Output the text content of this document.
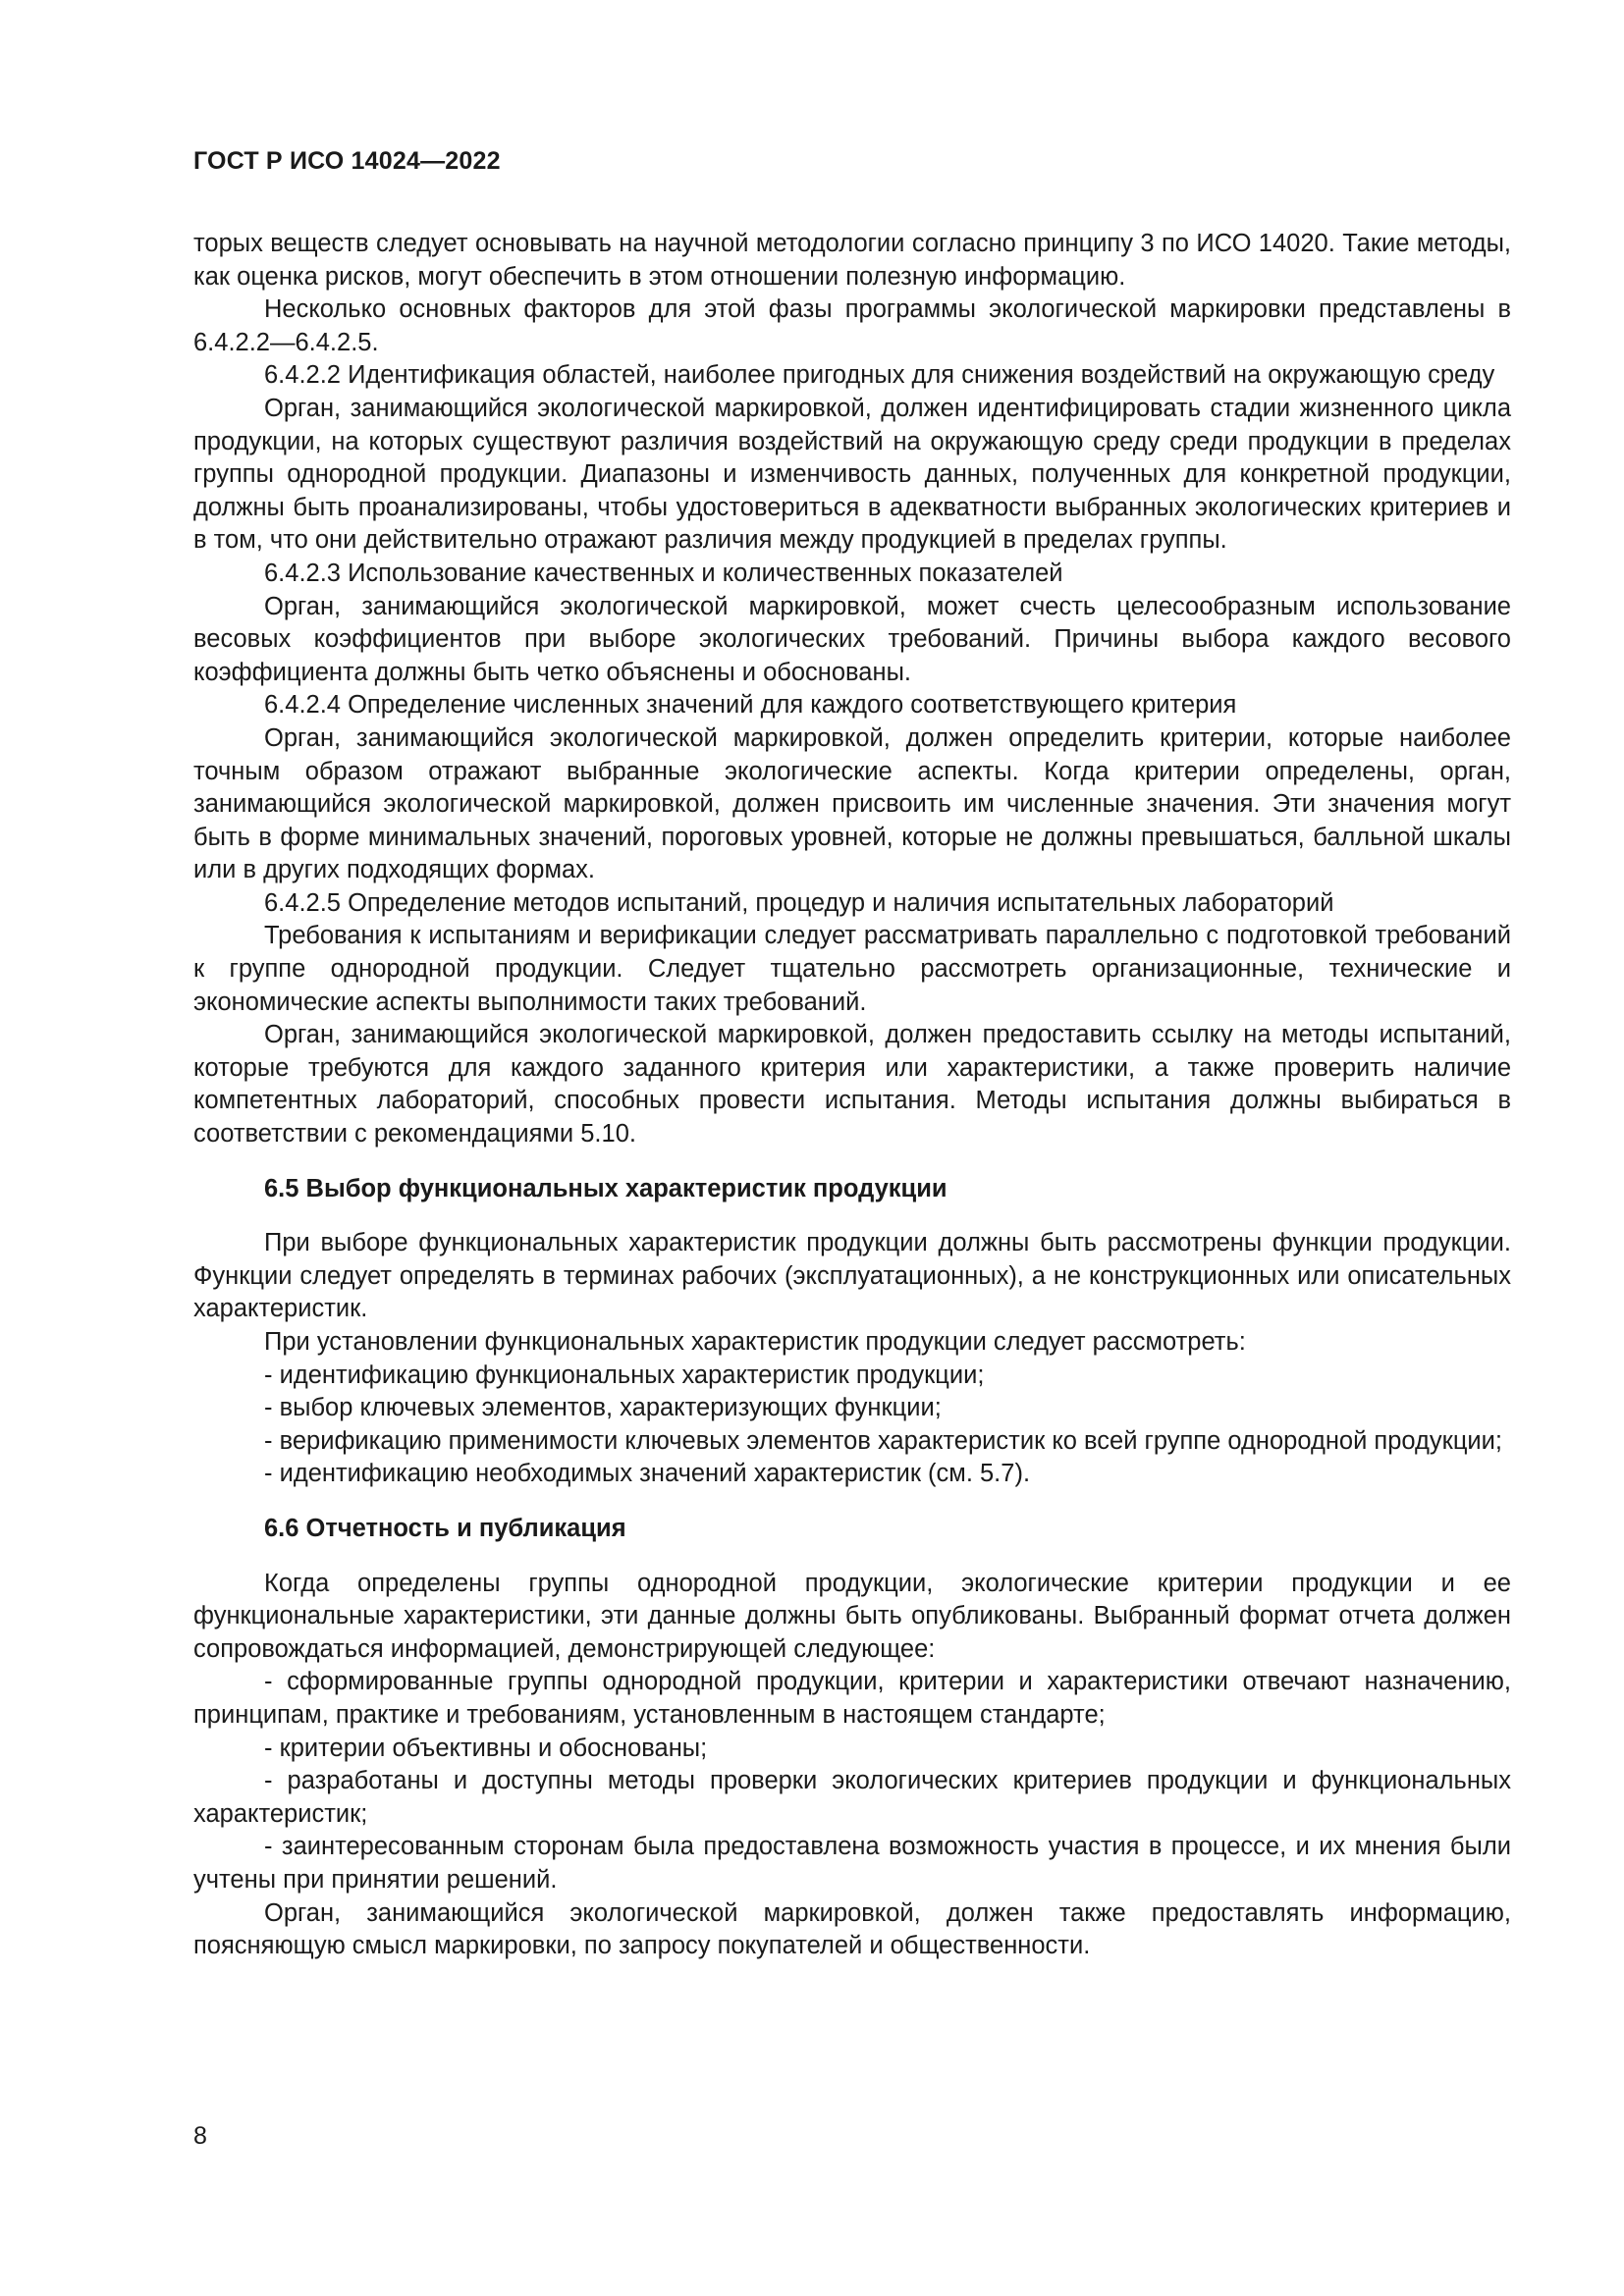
ГОСТ Р ИСО 14024—2022

торых веществ следует основывать на научной методологии согласно принципу 3 по ИСО 14020. Такие методы, как оценка рисков, могут обеспечить в этом отношении полезную информацию.

Несколько основных факторов для этой фазы программы экологической маркировки представлены в 6.4.2.2—6.4.2.5.

6.4.2.2 Идентификация областей, наиболее пригодных для снижения воздействий на окружающую среду

Орган, занимающийся экологической маркировкой, должен идентифицировать стадии жизненного цикла продукции, на которых существуют различия воздействий на окружающую среду среди продукции в пределах группы однородной продукции. Диапазоны и изменчивость данных, полученных для конкретной продукции, должны быть проанализированы, чтобы удостовериться в адекватности выбранных экологических критериев и в том, что они действительно отражают различия между продукцией в пределах группы.

6.4.2.3 Использование качественных и количественных показателей

Орган, занимающийся экологической маркировкой, может счесть целесообразным использование весовых коэффициентов при выборе экологических требований. Причины выбора каждого весового коэффициента должны быть четко объяснены и обоснованы.

6.4.2.4 Определение численных значений для каждого соответствующего критерия

Орган, занимающийся экологической маркировкой, должен определить критерии, которые наиболее точным образом отражают выбранные экологические аспекты. Когда критерии определены, орган, занимающийся экологической маркировкой, должен присвоить им численные значения. Эти значения могут быть в форме минимальных значений, пороговых уровней, которые не должны превышаться, балльной шкалы или в других подходящих формах.

6.4.2.5 Определение методов испытаний, процедур и наличия испытательных лабораторий

Требования к испытаниям и верификации следует рассматривать параллельно с подготовкой требований к группе однородной продукции. Следует тщательно рассмотреть организационные, технические и экономические аспекты выполнимости таких требований.

Орган, занимающийся экологической маркировкой, должен предоставить ссылку на методы испытаний, которые требуются для каждого заданного критерия или характеристики, а также проверить наличие компетентных лабораторий, способных провести испытания. Методы испытания должны выбираться в соответствии с рекомендациями 5.10.

6.5 Выбор функциональных характеристик продукции

При выборе функциональных характеристик продукции должны быть рассмотрены функции продукции. Функции следует определять в терминах рабочих (эксплуатационных), а не конструкционных или описательных характеристик.

При установлении функциональных характеристик продукции следует рассмотреть:

- идентификацию функциональных характеристик продукции;

- выбор ключевых элементов, характеризующих функции;

- верификацию применимости ключевых элементов характеристик ко всей группе однородной продукции;

- идентификацию необходимых значений характеристик (см. 5.7).

6.6 Отчетность и публикация

Когда определены группы однородной продукции, экологические критерии продукции и ее функциональные характеристики, эти данные должны быть опубликованы. Выбранный формат отчета должен сопровождаться информацией, демонстрирующей следующее:

- сформированные группы однородной продукции, критерии и характеристики отвечают назначению, принципам, практике и требованиям, установленным в настоящем стандарте;

- критерии объективны и обоснованы;

- разработаны и доступны методы проверки экологических критериев продукции и функциональных характеристик;

- заинтересованным сторонам была предоставлена возможность участия в процессе, и их мнения были учтены при принятии решений.

Орган, занимающийся экологической маркировкой, должен также предоставлять информацию, поясняющую смысл маркировки, по запросу покупателей и общественности.

8
